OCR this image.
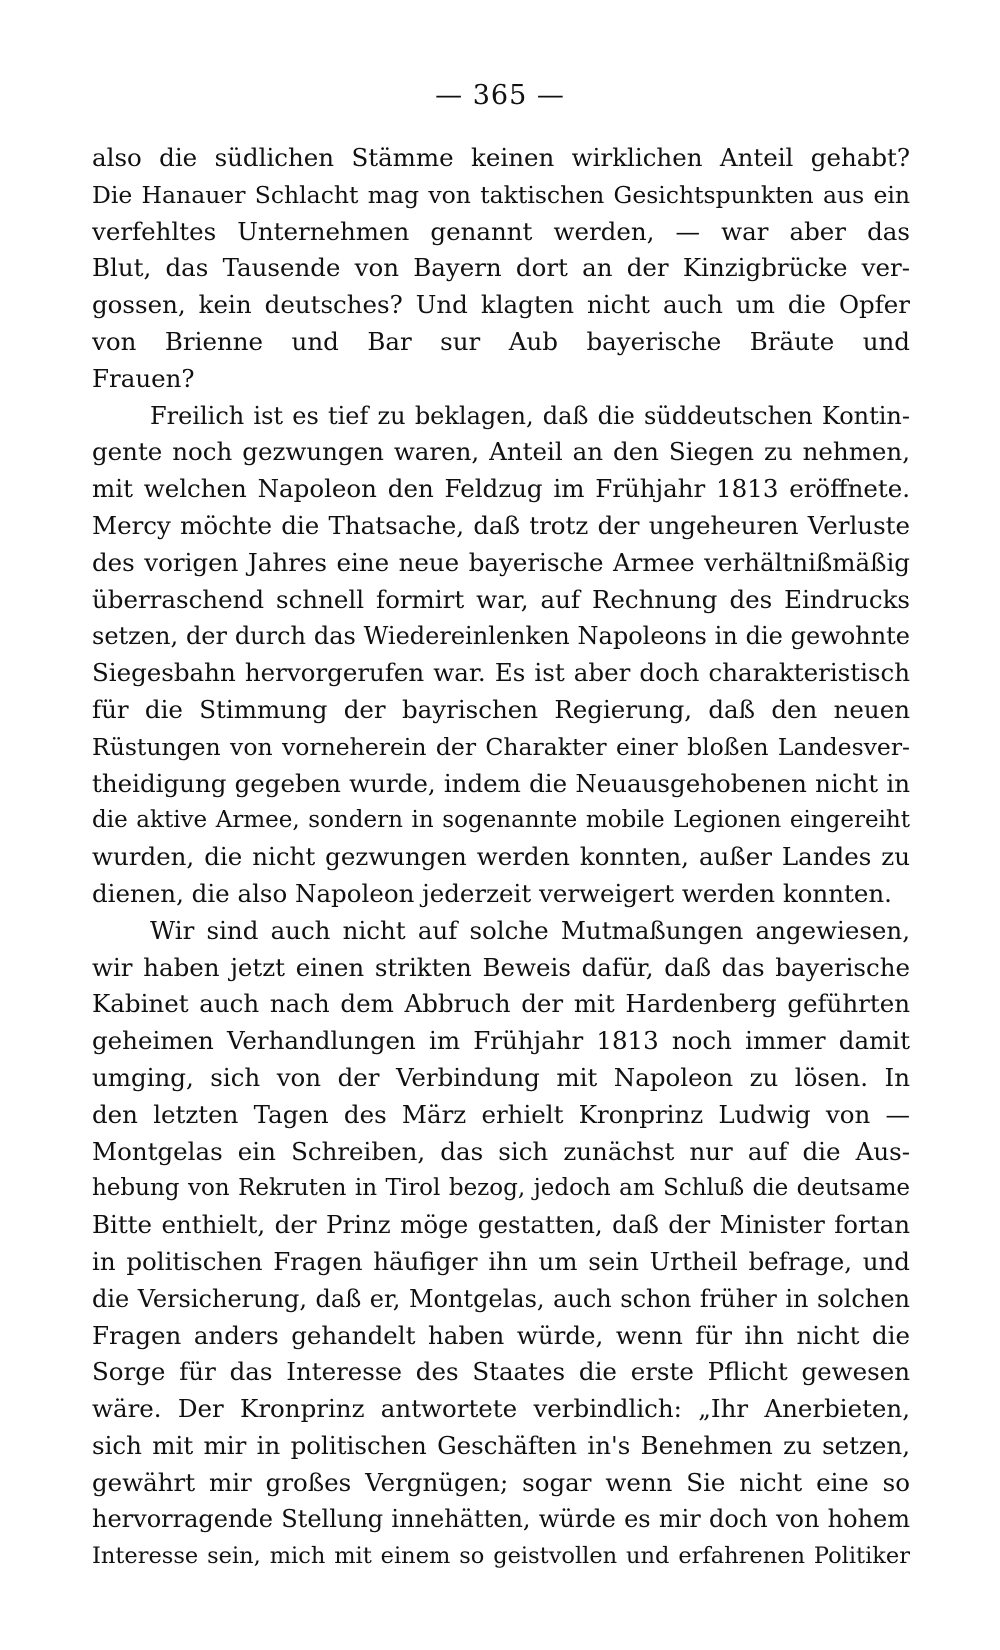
— 365 —
also die südlichen Stämme keinen wirklichen Anteil gehabt?
Die Hanauer Schlacht mag von taktischen Gesichtspunkten aus ein
verfehltes Unternehmen genannt werden, — war aber das
Blut, das Tausende von Bayern dort an der Kinzigbrücke ver-
gossen, kein deutsches? Und klagten nicht auch um die Opfer
von Brienne und Bar sur Aub bayerische Bräute und
Frauen?
Freilich ist es tief zu beklagen, daß die süddeutschen Kontin-
gente noch gezwungen waren, Anteil an den Siegen zu nehmen,
mit welchen Napoleon den Feldzug im Frühjahr 1813 eröffnete.
Mercy möchte die Thatsache, daß trotz der ungeheuren Verluste
des vorigen Jahres eine neue bayerische Armee verhältnißmäßig
überraschend schnell formirt war, auf Rechnung des Eindrucks
setzen, der durch das Wiedereinlenken Napoleons in die gewohnte
Siegesbahn hervorgerufen war. Es ist aber doch charakteristisch
für die Stimmung der bayrischen Regierung, daß den neuen
Rüstungen von vorneherein der Charakter einer bloßen Landesver-
theidigung gegeben wurde, indem die Neuausgehobenen nicht in
die aktive Armee, sondern in sogenannte mobile Legionen eingereiht
wurden, die nicht gezwungen werden konnten, außer Landes zu
dienen, die also Napoleon jederzeit verweigert werden konnten.
Wir sind auch nicht auf solche Mutmaßungen angewiesen,
wir haben jetzt einen strikten Beweis dafür, daß das bayerische
Kabinet auch nach dem Abbruch der mit Hardenberg geführten
geheimen Verhandlungen im Frühjahr 1813 noch immer damit
umging, sich von der Verbindung mit Napoleon zu lösen. In
den letzten Tagen des März erhielt Kronprinz Ludwig von —
Montgelas ein Schreiben, das sich zunächst nur auf die Aus-
hebung von Rekruten in Tirol bezog, jedoch am Schluß die deutsame
Bitte enthielt, der Prinz möge gestatten, daß der Minister fortan
in politischen Fragen häufiger ihn um sein Urtheil befrage, und
die Versicherung, daß er, Montgelas, auch schon früher in solchen
Fragen anders gehandelt haben würde, wenn für ihn nicht die
Sorge für das Interesse des Staates die erste Pflicht gewesen
wäre. Der Kronprinz antwortete verbindlich: „Ihr Anerbieten,
sich mit mir in politischen Geschäften in's Benehmen zu setzen,
gewährt mir großes Vergnügen; sogar wenn Sie nicht eine so
hervorragende Stellung innehätten, würde es mir doch von hohem
Interesse sein, mich mit einem so geistvollen und erfahrenen Politiker
